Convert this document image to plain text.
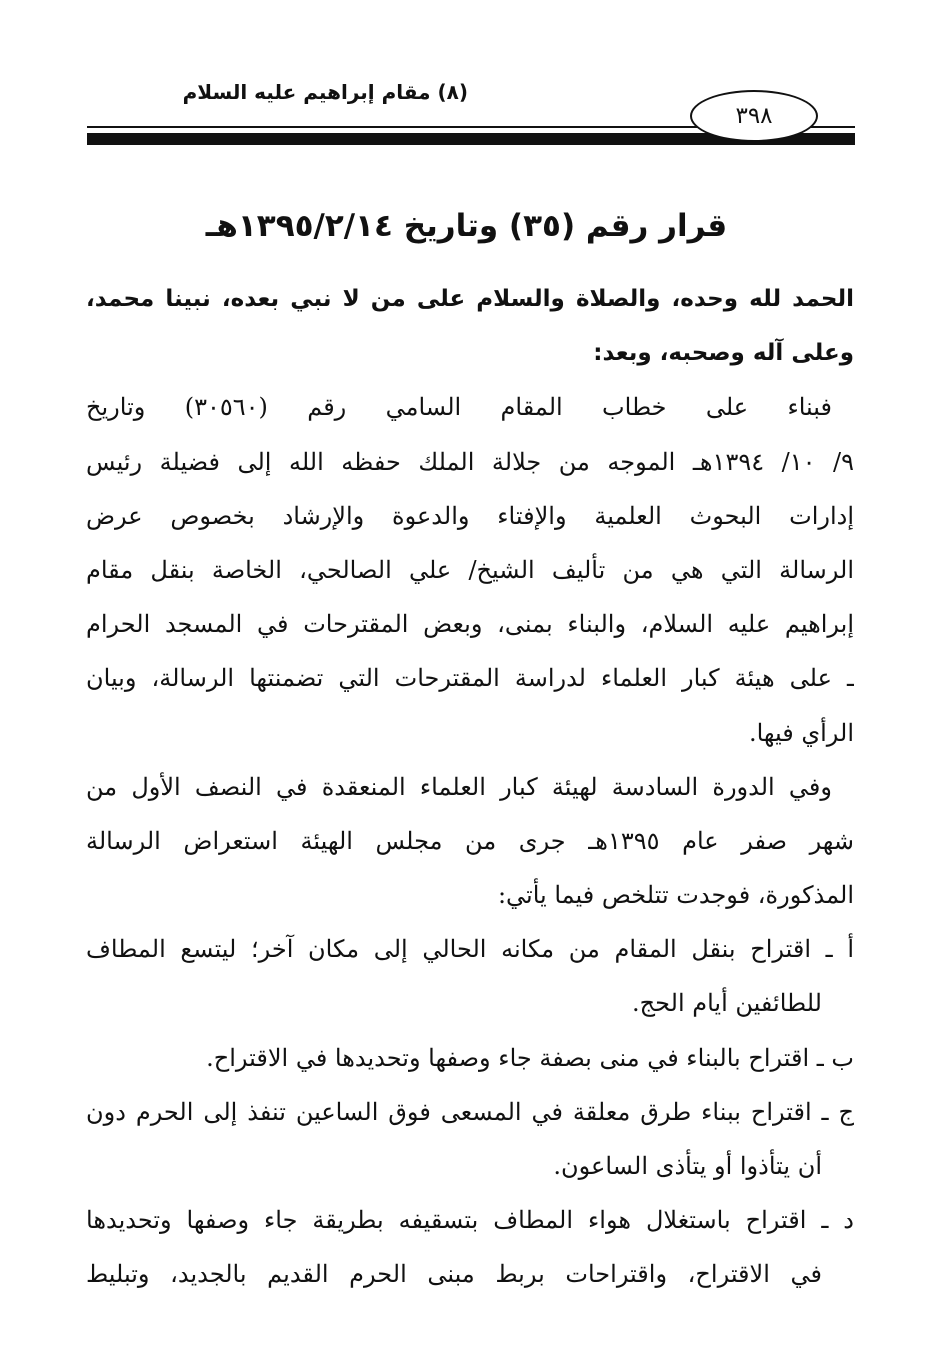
(٨) مقام إبراهيم عليه السلام
٣٩٨
قرار رقم (٣٥) وتاريخ ١٣٩٥/٢/١٤هـ
الحمد لله وحده، والصلاة والسلام على من لا نبي بعده، نبينا محمد،
وعلى آله وصحبه، وبعد:
فبناء على خطاب المقام السامي رقم (٣٠٥٦٠) وتاريخ
٩/ ١٠/ ١٣٩٤هـ الموجه من جلالة الملك حفظه الله إلى فضيلة رئيس
إدارات البحوث العلمية والإفتاء والدعوة والإرشاد بخصوص عرض
الرسالة التي هي من تأليف الشيخ/ علي الصالحي، الخاصة بنقل مقام
إبراهيم عليه السلام، والبناء بمنى، وبعض المقترحات في المسجد الحرام
ـ على هيئة كبار العلماء لدراسة المقترحات التي تضمنتها الرسالة، وبيان
الرأي فيها.
وفي الدورة السادسة لهيئة كبار العلماء المنعقدة في النصف الأول من
شهر صفر عام ١٣٩٥هـ جرى من مجلس الهيئة استعراض الرسالة
المذكورة، فوجدت تتلخص فيما يأتي:
أ ـ اقتراح بنقل المقام من مكانه الحالي إلى مكان آخر؛ ليتسع المطاف
للطائفين أيام الحج.
ب ـ اقتراح بالبناء في منى بصفة جاء وصفها وتحديدها في الاقتراح.
ج ـ اقتراح ببناء طرق معلقة في المسعى فوق الساعين تنفذ إلى الحرم دون
أن يتأذوا أو يتأذى الساعون.
د ـ اقتراح باستغلال هواء المطاف بتسقيفه بطريقة جاء وصفها وتحديدها
في الاقتراح، واقتراحات بربط مبنى الحرم القديم بالجديد، وتبليط
